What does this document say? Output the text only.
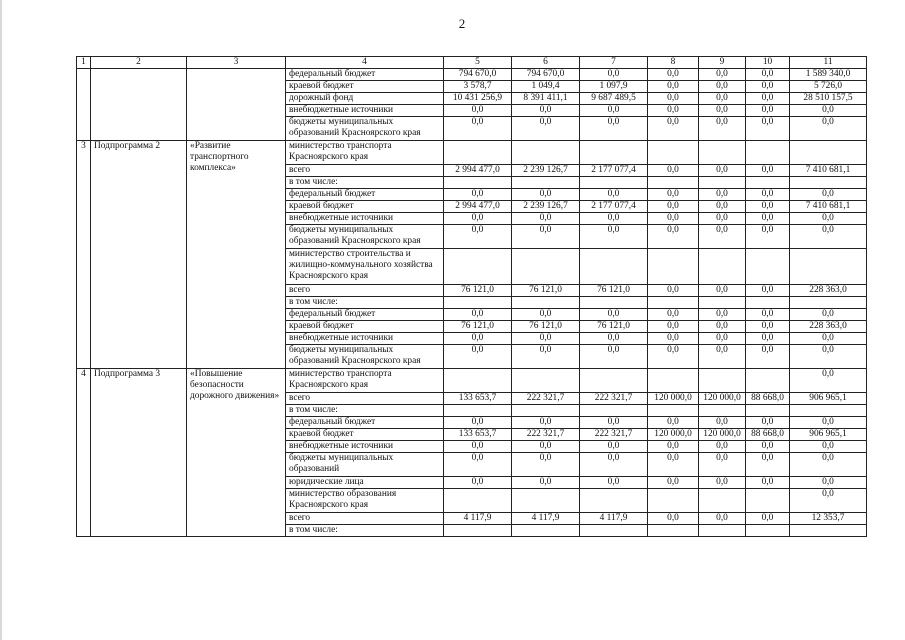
2
1	2	3	4	5	6	7	8	9	10	11
			федеральный бюджет	794 670,0	794 670,0	0,0	0,0	0,0	0,0	1 589 340,0
			краевой бюджет	3 578,7	1 049,4	1 097,9	0,0	0,0	0,0	5 726,0
			дорожный фонд	10 431 256,9	8 391 411,1	9 687 489,5	0,0	0,0	0,0	28 510 157,5
			внебюджетные источники	0,0	0,0	0,0	0,0	0,0	0,0	0,0
			бюджеты муниципальных образований Красноярского края	0,0	0,0	0,0	0,0	0,0	0,0	0,0
3	Подпрограмма 2	«Развитие транспортного комплекса»	министерство транспорта Красноярского края							
			всего	2 994 477,0	2 239 126,7	2 177 077,4	0,0	0,0	0,0	7 410 681,1
			в том числе:							
			федеральный бюджет	0,0	0,0	0,0	0,0	0,0	0,0	0,0
			краевой бюджет	2 994 477,0	2 239 126,7	2 177 077,4	0,0	0,0	0,0	7 410 681,1
			внебюджетные источники	0,0	0,0	0,0	0,0	0,0	0,0	0,0
			бюджеты муниципальных образований Красноярского края	0,0	0,0	0,0	0,0	0,0	0,0	0,0
			министерство строительства и жилищно-коммунального хозяйства Красноярского края							
			всего	76 121,0	76 121,0	76 121,0	0,0	0,0	0,0	228 363,0
			в том числе:							
			федеральный бюджет	0,0	0,0	0,0	0,0	0,0	0,0	0,0
			краевой бюджет	76 121,0	76 121,0	76 121,0	0,0	0,0	0,0	228 363,0
			внебюджетные источники	0,0	0,0	0,0	0,0	0,0	0,0	0,0
			бюджеты муниципальных образований Красноярского края	0,0	0,0	0,0	0,0	0,0	0,0	0,0
4	Подпрограмма 3	«Повышение безопасности дорожного движения»	министерство транспорта Красноярского края							0,0
			всего	133 653,7	222 321,7	222 321,7	120 000,0	120 000,0	88 668,0	906 965,1
			в том числе:							
			федеральный бюджет	0,0	0,0	0,0	0,0	0,0	0,0	0,0
			краевой бюджет	133 653,7	222 321,7	222 321,7	120 000,0	120 000,0	88 668,0	906 965,1
			внебюджетные источники	0,0	0,0	0,0	0,0	0,0	0,0	0,0
			бюджеты муниципальных образований	0,0	0,0	0,0	0,0	0,0	0,0	0,0
			юридические лица	0,0	0,0	0,0	0,0	0,0	0,0	0,0
			министерство образования Красноярского края							0,0
			всего	4 117,9	4 117,9	4 117,9	0,0	0,0	0,0	12 353,7
			в том числе:							
